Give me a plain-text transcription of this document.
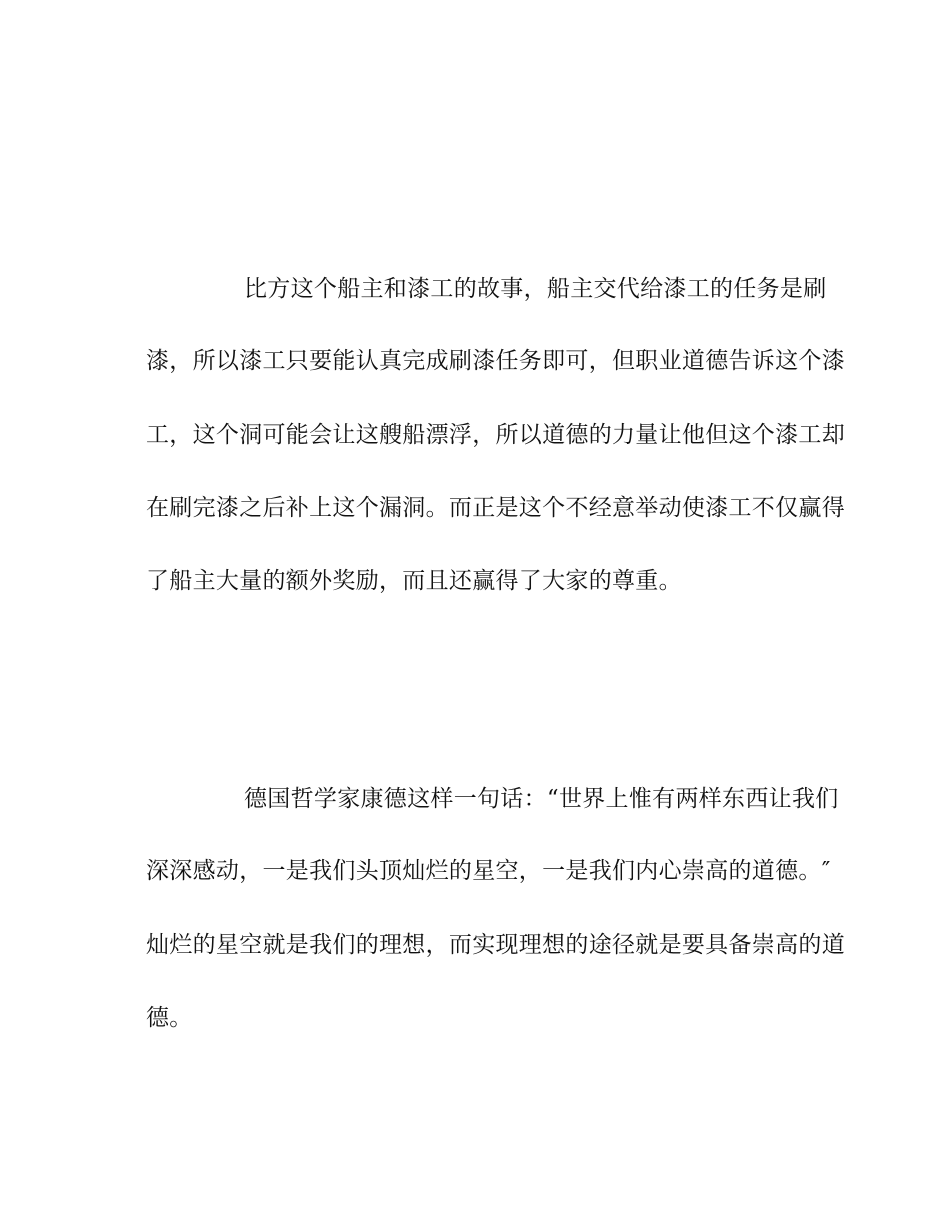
比方这个船主和漆工的故事，船主交代给漆工的任务是刷
漆，所以漆工只要能认真完成刷漆任务即可，但职业道德告诉这个漆
工，这个洞可能会让这艘船漂浮，所以道德的力量让他但这个漆工却
在刷完漆之后补上这个漏洞。而正是这个不经意举动使漆工不仅赢得
了船主大量的额外奖励，而且还赢得了大家的尊重。
德国哲学家康德这样一句话：“世界上惟有两样东西让我们
深深感动，一是我们头顶灿烂的星空，一是我们内心崇高的道德。″
灿烂的星空就是我们的理想，而实现理想的途径就是要具备崇高的道
德。
